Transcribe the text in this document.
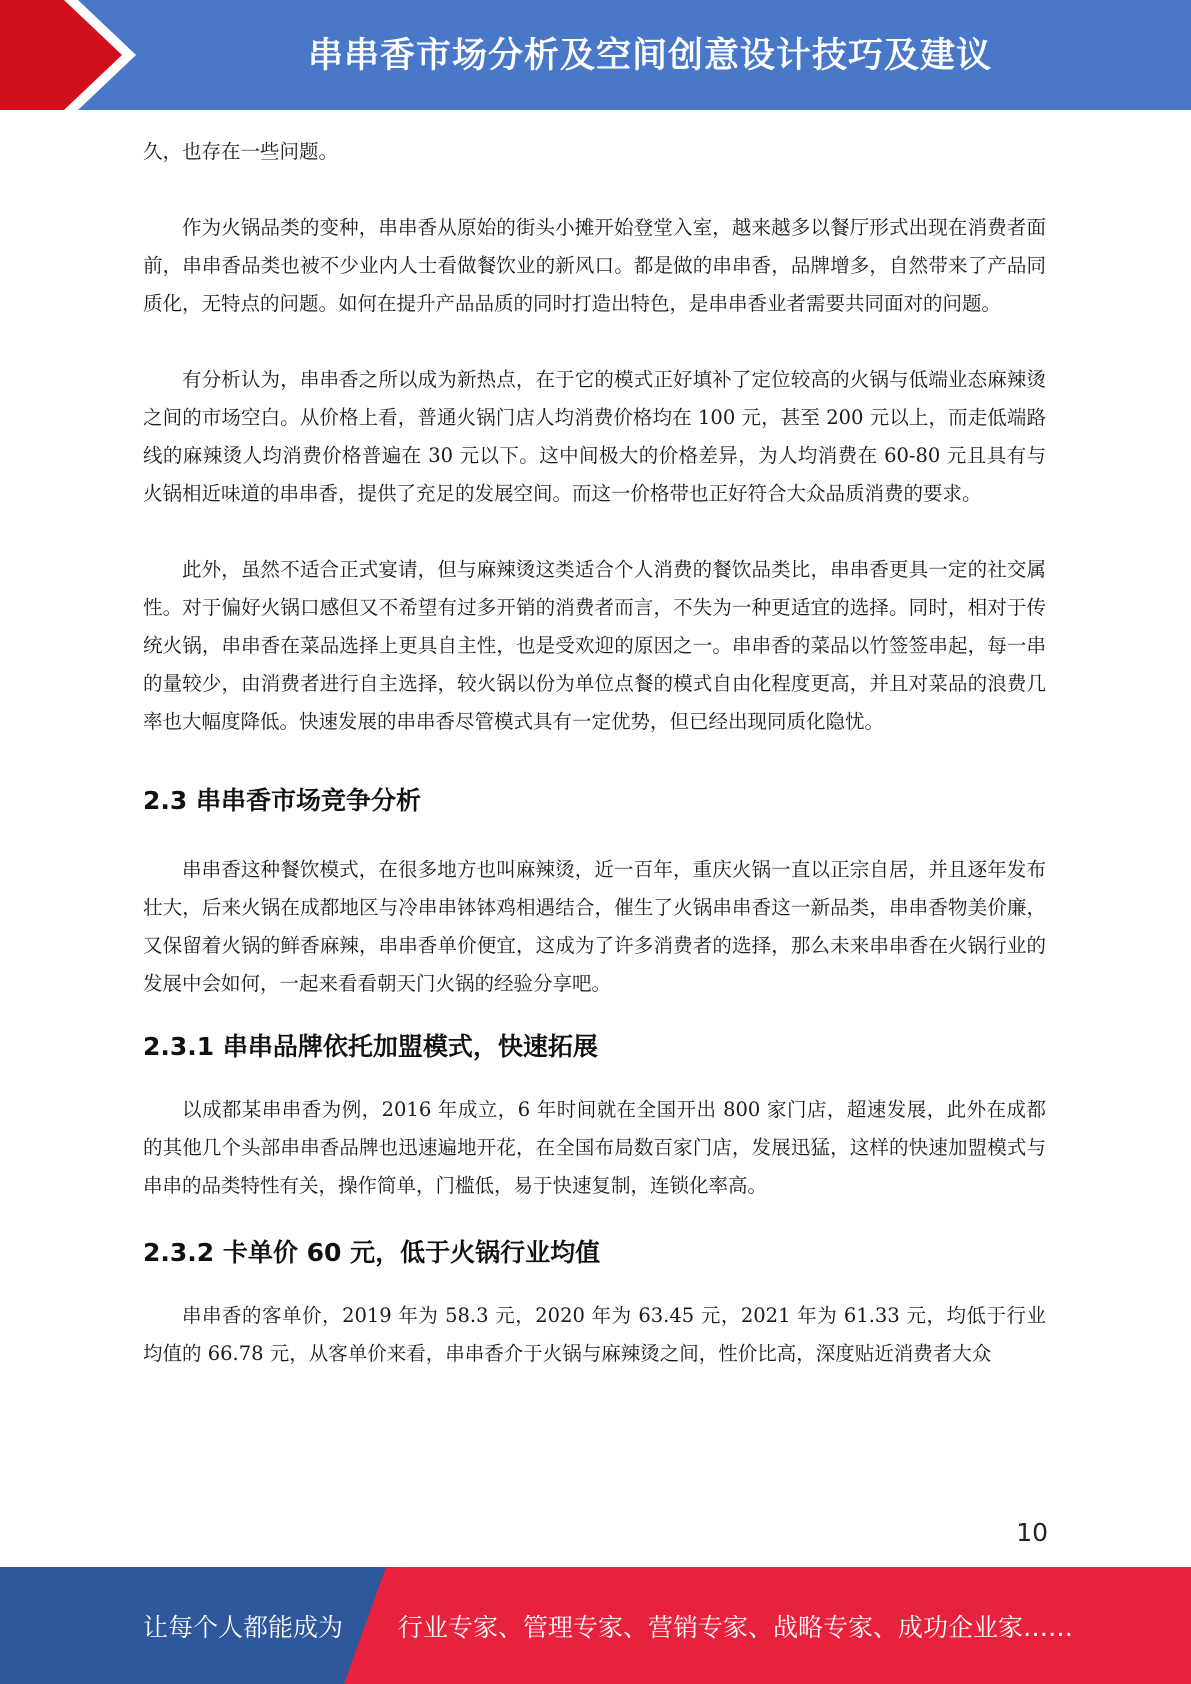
串串香市场分析及空间创意设计技巧及建议

久，也存在一些问题。

作为火锅品类的变种，串串香从原始的街头小摊开始登堂入室，越来越多以餐厅形式出现在消费者面前，串串香品类也被不少业内人士看做餐饮业的新风口。都是做的串串香，品牌增多，自然带来了产品同质化，无特点的问题。如何在提升产品品质的同时打造出特色，是串串香业者需要共同面对的问题。

有分析认为，串串香之所以成为新热点，在于它的模式正好填补了定位较高的火锅与低端业态麻辣烫之间的市场空白。从价格上看，普通火锅门店人均消费价格均在 100 元，甚至 200 元以上，而走低端路线的麻辣烫人均消费价格普遍在 30 元以下。这中间极大的价格差异，为人均消费在 60-80 元且具有与火锅相近味道的串串香，提供了充足的发展空间。而这一价格带也正好符合大众品质消费的要求。

此外，虽然不适合正式宴请，但与麻辣烫这类适合个人消费的餐饮品类比，串串香更具一定的社交属性。对于偏好火锅口感但又不希望有过多开销的消费者而言，不失为一种更适宜的选择。同时，相对于传统火锅，串串香在菜品选择上更具自主性，也是受欢迎的原因之一。串串香的菜品以竹签签串起，每一串的量较少，由消费者进行自主选择，较火锅以份为单位点餐的模式自由化程度更高，并且对菜品的浪费几率也大幅度降低。快速发展的串串香尽管模式具有一定优势，但已经出现同质化隐忧。

2.3 串串香市场竞争分析

串串香这种餐饮模式，在很多地方也叫麻辣烫，近一百年，重庆火锅一直以正宗自居，并且逐年发布壮大，后来火锅在成都地区与冷串串钵钵鸡相遇结合，催生了火锅串串香这一新品类，串串香物美价廉，又保留着火锅的鲜香麻辣，串串香单价便宜，这成为了许多消费者的选择，那么未来串串香在火锅行业的发展中会如何，一起来看看朝天门火锅的经验分享吧。

2.3.1 串串品牌依托加盟模式，快速拓展

以成都某串串香为例，2016 年成立，6 年时间就在全国开出 800 家门店，超速发展，此外在成都的其他几个头部串串香品牌也迅速遍地开花，在全国布局数百家门店，发展迅猛，这样的快速加盟模式与串串的品类特性有关，操作简单，门槛低，易于快速复制，连锁化率高。

2.3.2 卡单价 60 元，低于火锅行业均值

串串香的客单价，2019 年为 58.3 元，2020 年为 63.45 元，2021 年为 61.33 元，均低于行业均值的 66.78 元，从客单价来看，串串香介于火锅与麻辣烫之间，性价比高，深度贴近消费者大众

10
让每个人都能成为 行业专家、管理专家、营销专家、战略专家、成功企业家……
